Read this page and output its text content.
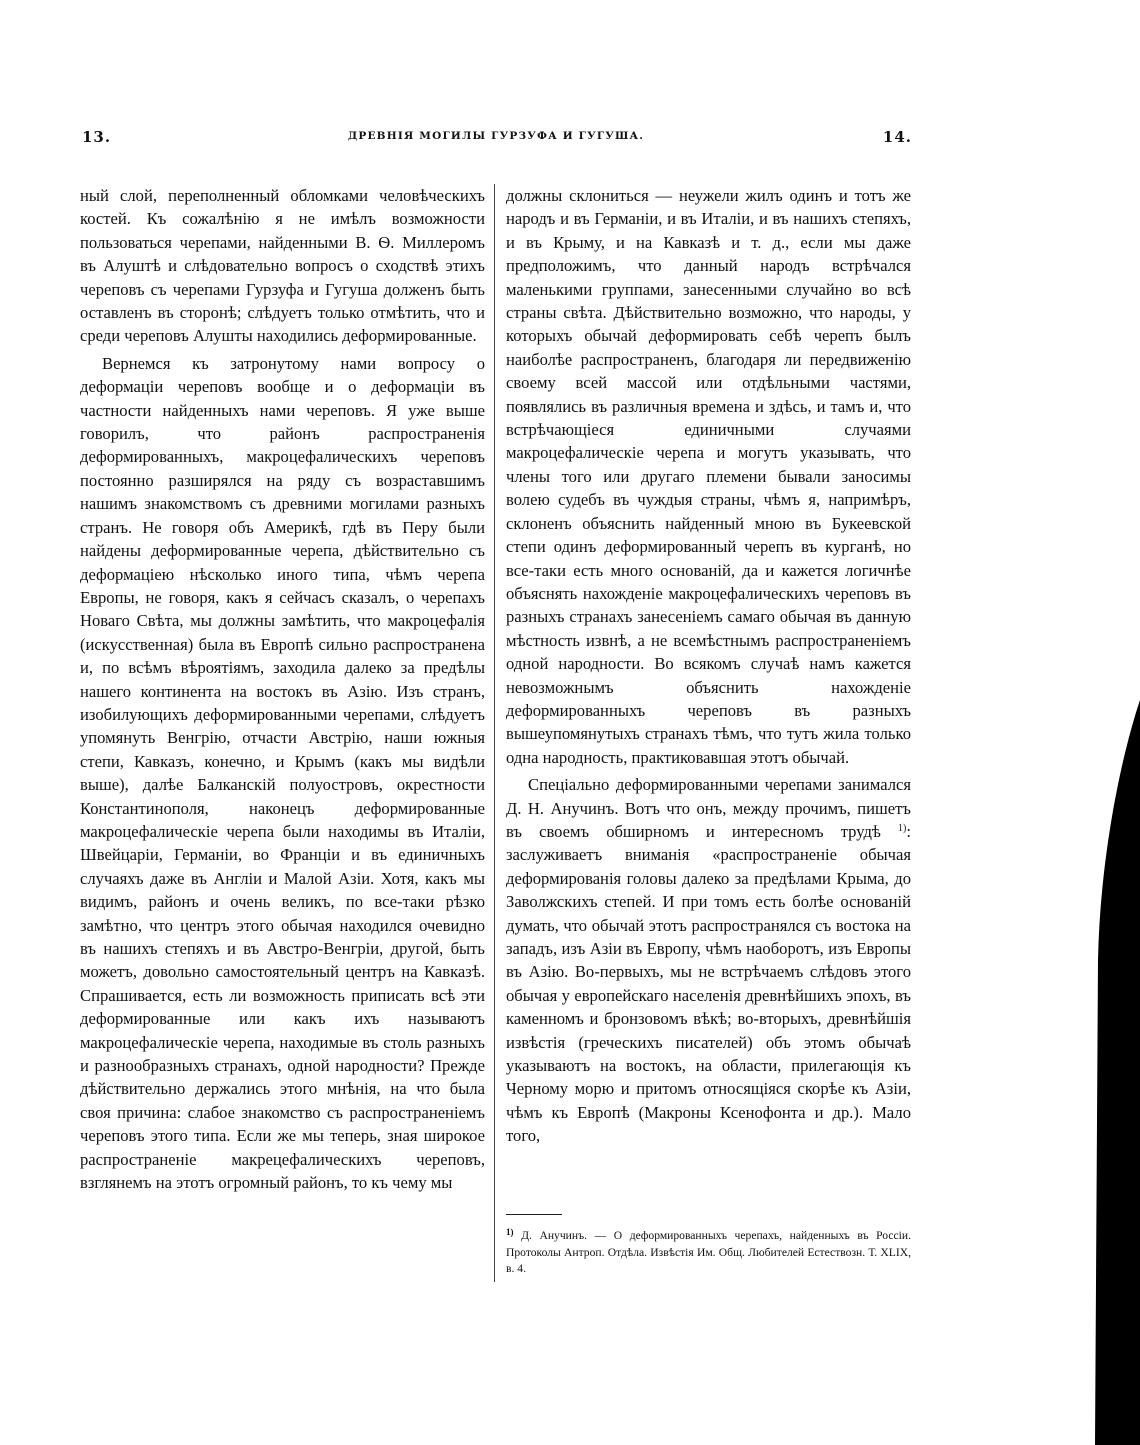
13.	ДРЕВНІЯ МОГИЛЫ ГУРЗУФА И ГУГУША.	14.

ный слой, переполненный обломками человѣческихъ костей. Къ сожалѣнію я не имѣлъ возможности пользоваться черепами, найденными В. Ѳ. Миллеромъ въ Алуштѣ и слѣдовательно вопросъ о сходствѣ этихъ череповъ съ черепами Гурзуфа и Гугуша долженъ быть оставленъ въ сторонѣ; слѣдуетъ только отмѣтить, что и среди череповъ Алушты находились деформированные.

Вернемся къ затронутому нами вопросу о деформаціи череповъ вообще и о деформаціи въ частности найденныхъ нами череповъ. Я уже выше говорилъ, что районъ распространенія деформированныхъ, макроцефалическихъ череповъ постоянно разширялся на ряду съ возраставшимъ нашимъ знакомствомъ съ древними могилами разныхъ странъ. Не говоря объ Америкѣ, гдѣ въ Перу были найдены деформированные черепа, дѣйствительно съ деформаціею нѣсколько иного типа, чѣмъ черепа Европы, не говоря, какъ я сейчасъ сказалъ, о черепахъ Новаго Свѣта, мы должны замѣтить, что макроцефалія (искусственная) была въ Европѣ сильно распространена и, по всѣмъ вѣроятіямъ, заходила далеко за предѣлы нашего континента на востокъ въ Азію. Изъ странъ, изобилующихъ деформированными черепами, слѣдуетъ упомянуть Венгрію, отчасти Австрію, наши южныя степи, Кавказъ, конечно, и Крымъ (какъ мы видѣли выше), далѣе Балканскій полуостровъ, окрестности Константинополя, наконецъ деформированные макроцефалическіе черепа были находимы въ Италіи, Швейцаріи, Германіи, во Франціи и въ единичныхъ случаяхъ даже въ Англіи и Малой Азіи. Хотя, какъ мы видимъ, районъ и очень великъ, по все-таки рѣзко замѣтно, что центръ этого обычая находился очевидно въ нашихъ степяхъ и въ Австро-Венгріи, другой, быть можетъ, довольно самостоятельный центръ на Кавказѣ. Спрашивается, есть ли возможность приписать всѣ эти деформированные или какъ ихъ называютъ макроцефалическіе черепа, находимые въ столь разныхъ и разнообразныхъ странахъ, одной народности? Прежде дѣйствительно держались этого мнѣнія, на что была своя причина: слабое знакомство съ распространеніемъ череповъ этого типа. Если же мы теперь, зная широкое распространеніе макрецефалическихъ череповъ, взглянемъ на этотъ огромный районъ, то къ чему мы

должны склониться — неужели жилъ одинъ и тотъ же народъ и въ Германіи, и въ Италіи, и въ нашихъ степяхъ, и въ Крыму, и на Кавказѣ и т. д., если мы даже предположимъ, что данный народъ встрѣчался маленькими группами, занесенными случайно во всѣ страны свѣта. Дѣйствительно возможно, что народы, у которыхъ обычай деформировать себѣ черепъ былъ наиболѣе распространенъ, благодаря ли передвиженію своему всей массой или отдѣльными частями, появлялись въ различныя времена и здѣсь, и тамъ и, что встрѣчающіеся единичными случаями макроцефалическіе черепа и могутъ указывать, что члены того или другаго племени бывали заносимы волею судебъ въ чуждыя страны, чѣмъ я, напримѣръ, склоненъ объяснить найденный мною въ Букеевской степи одинъ деформированный черепъ въ курганѣ, но все-таки есть много основаній, да и кажется логичнѣе объяснять нахожденіе макроцефалическихъ череповъ въ разныхъ странахъ занесеніемъ самаго обычая въ данную мѣстность извнѣ, а не всемѣстнымъ распространеніемъ одной народности. Во всякомъ случаѣ намъ кажется невозможнымъ объяснить нахожденіе деформированныхъ череповъ въ разныхъ вышеупомянутыхъ странахъ тѣмъ, что тутъ жила только одна народность, практиковавшая этотъ обычай.

Спеціально деформированными черепами занимался Д. Н. Анучинъ. Вотъ что онъ, между прочимъ, пишетъ въ своемъ обширномъ и интересномъ трудѣ $^{1)}$: заслуживаетъ вниманія «распространеніе обычая деформированія головы далеко за предѣлами Крыма, до Заволжскихъ степей. И при томъ есть болѣе основаній думать, что обычай этотъ распространялся съ востока на западъ, изъ Азіи въ Европу, чѣмъ наоборотъ, изъ Европы въ Азію. Во-первыхъ, мы не встрѣчаемъ слѣдовъ этого обычая у европейскаго населенія древнѣйшихъ эпохъ, въ каменномъ и бронзовомъ вѣкѣ; во-вторыхъ, древнѣйшія извѣстія (греческихъ писателей) объ этомъ обычаѣ указываютъ на востокъ, на области, прилегающія къ Черному морю и притомъ относящіяся скорѣе къ Азіи, чѣмъ къ Европѣ (Макроны Ксенофонта и др.). Мало того,

$^{1)}$ Д. Анучинъ. — О деформированныхъ черепахъ, найденныхъ въ Россіи. Протоколы Антроп. Отдѣла. Извѣстія Им. Общ. Любителей Естествозн. Т. XLIX, в. 4.
